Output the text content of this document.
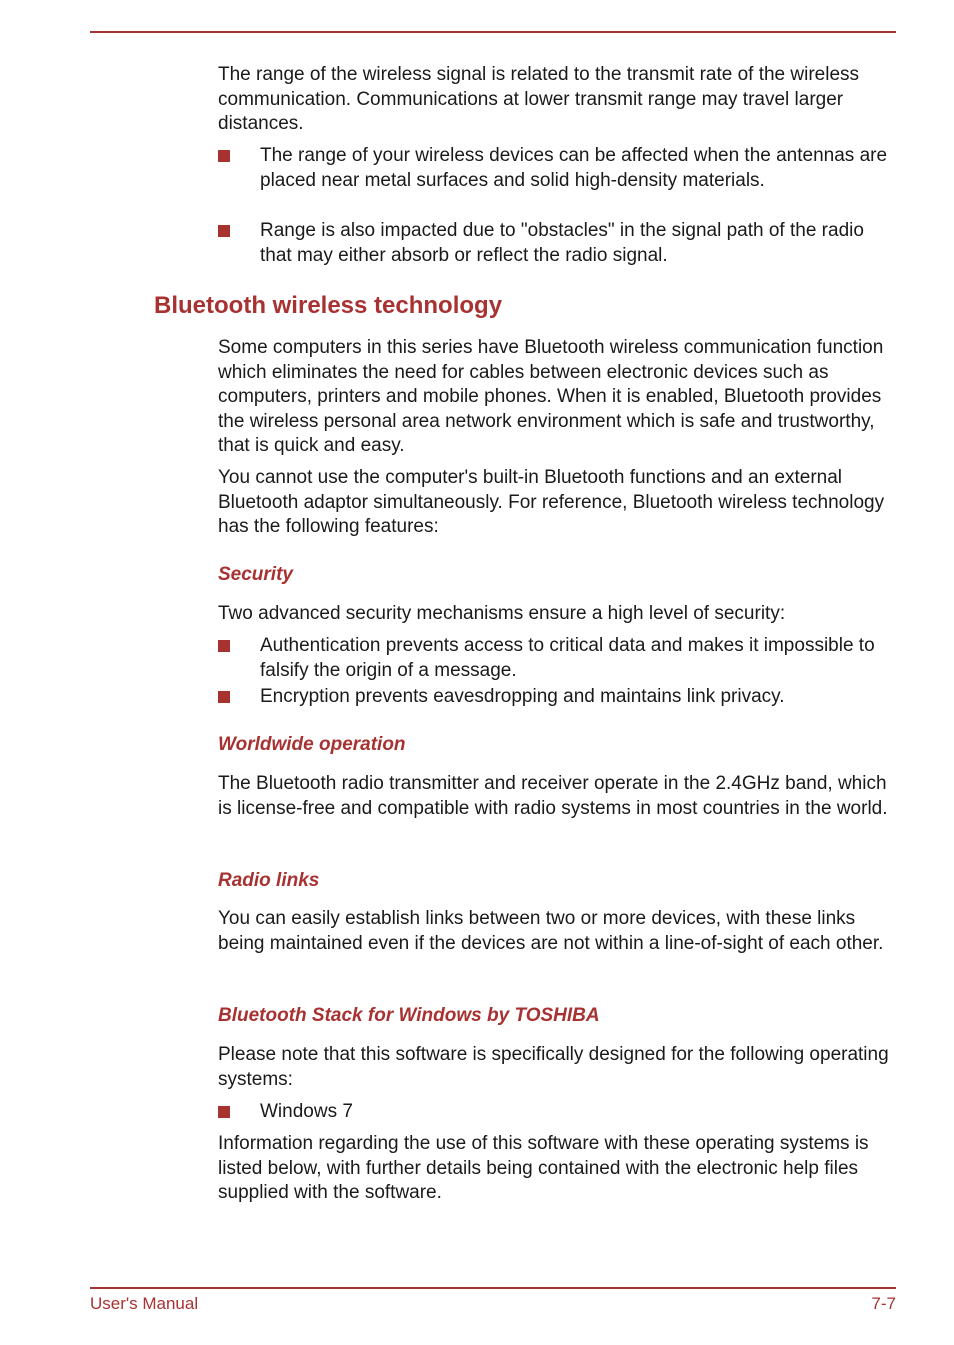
The range of the wireless signal is related to the transmit rate of the wireless communication. Communications at lower transmit range may travel larger distances.

The range of your wireless devices can be affected when the antennas are placed near metal surfaces and solid high-density materials.

Range is also impacted due to "obstacles" in the signal path of the radio that may either absorb or reflect the radio signal.

Bluetooth wireless technology

Some computers in this series have Bluetooth wireless communication function which eliminates the need for cables between electronic devices such as computers, printers and mobile phones. When it is enabled, Bluetooth provides the wireless personal area network environment which is safe and trustworthy, that is quick and easy.

You cannot use the computer's built-in Bluetooth functions and an external Bluetooth adaptor simultaneously. For reference, Bluetooth wireless technology has the following features:

Security

Two advanced security mechanisms ensure a high level of security:

Authentication prevents access to critical data and makes it impossible to falsify the origin of a message.

Encryption prevents eavesdropping and maintains link privacy.

Worldwide operation

The Bluetooth radio transmitter and receiver operate in the 2.4GHz band, which is license-free and compatible with radio systems in most countries in the world.

Radio links

You can easily establish links between two or more devices, with these links being maintained even if the devices are not within a line-of-sight of each other.

Bluetooth Stack for Windows by TOSHIBA

Please note that this software is specifically designed for the following operating systems:

Windows 7

Information regarding the use of this software with these operating systems is listed below, with further details being contained with the electronic help files supplied with the software.

User's Manual	7-7
